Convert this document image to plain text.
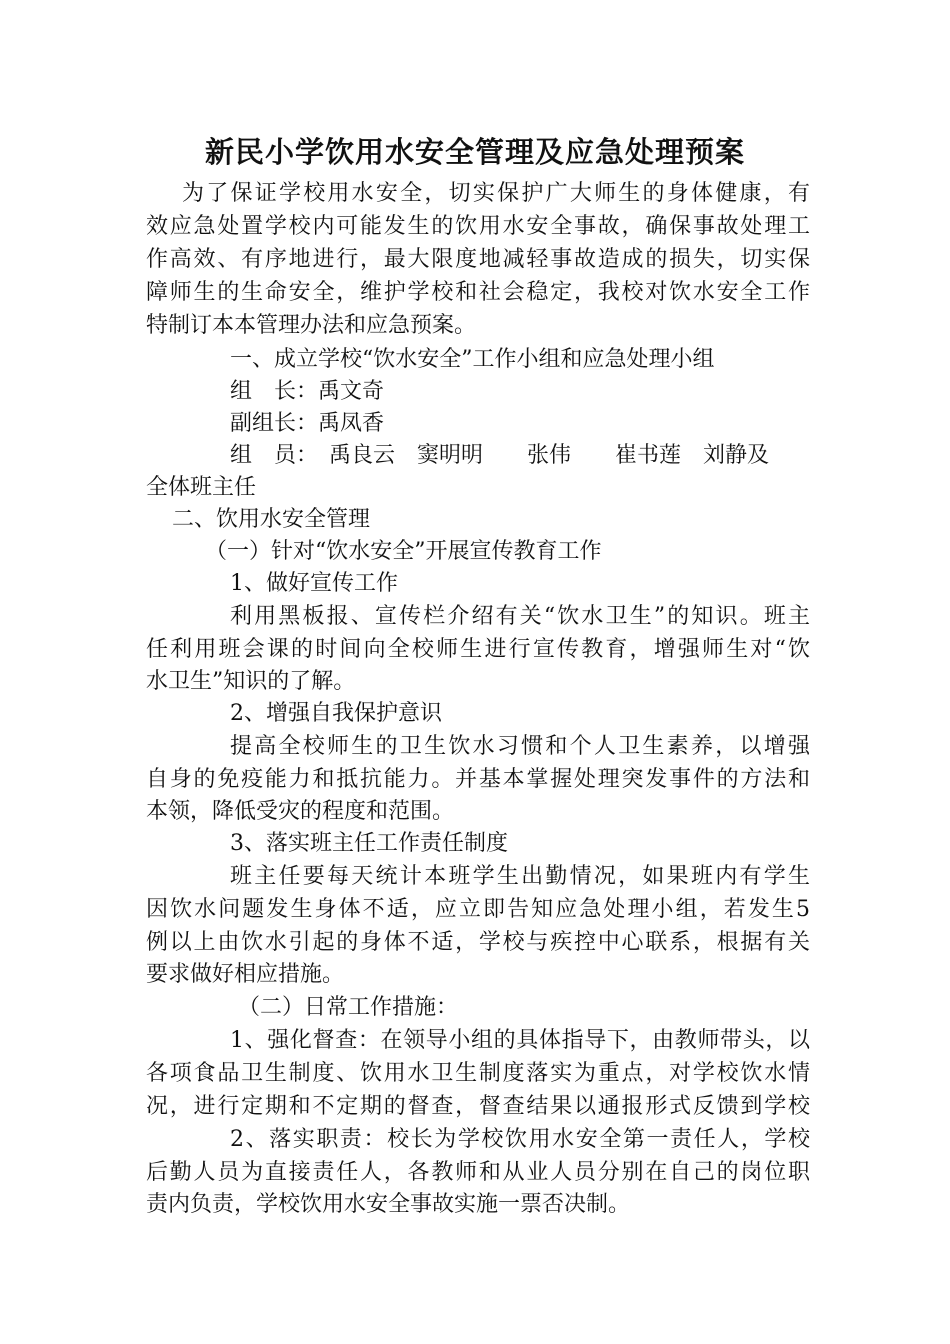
新民小学饮用水安全管理及应急处理预案
为了保证学校用水安全，切实保护广大师生的身体健康，有
效应急处置学校内可能发生的饮用水安全事故，确保事故处理工
作高效、有序地进行，最大限度地减轻事故造成的损失，切实保
障师生的生命安全，维护学校和社会稳定，我校对饮水安全工作
特制订本本管理办法和应急预案。
一、成立学校“饮水安全”工作小组和应急处理小组
组　长：禹文奇
副组长：禹凤香
组　员：　禹良云　窦明明　　张伟　　崔书莲　刘静及
全体班主任
二、饮用水安全管理
（一）针对“饮水安全”开展宣传教育工作
1、做好宣传工作
利用黑板报、宣传栏介绍有关“饮水卫生”的知识。班主
任利用班会课的时间向全校师生进行宣传教育，增强师生对“饮
水卫生”知识的了解。
2、增强自我保护意识
提高全校师生的卫生饮水习惯和个人卫生素养，以增强
自身的免疫能力和抵抗能力。并基本掌握处理突发事件的方法和
本领，降低受灾的程度和范围。
3、落实班主任工作责任制度
班主任要每天统计本班学生出勤情况，如果班内有学生
因饮水问题发生身体不适，应立即告知应急处理小组，若发生5
例以上由饮水引起的身体不适，学校与疾控中心联系，根据有关
要求做好相应措施。
（二）日常工作措施：
1、强化督查：在领导小组的具体指导下，由教师带头，以
各项食品卫生制度、饮用水卫生制度落实为重点，对学校饮水情
况，进行定期和不定期的督查，督查结果以通报形式反馈到学校
2、落实职责：校长为学校饮用水安全第一责任人，学校
后勤人员为直接责任人，各教师和从业人员分别在自己的岗位职
责内负责，学校饮用水安全事故实施一票否决制。
